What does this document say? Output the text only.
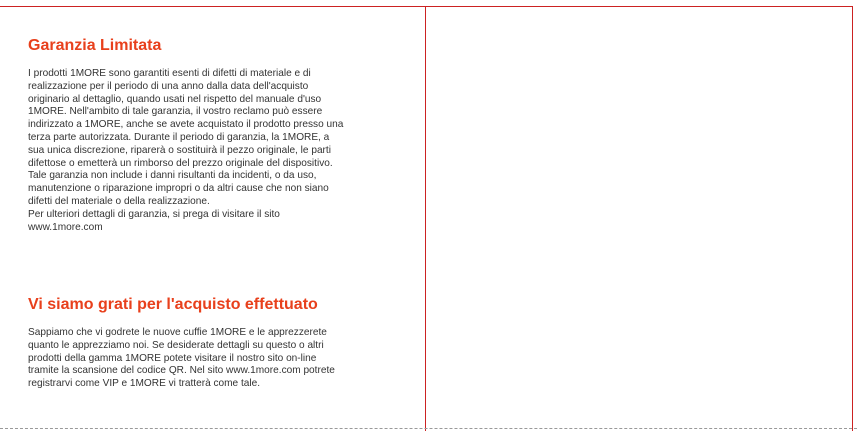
Garanzia Limitata

I prodotti 1MORE sono garantiti esenti di difetti di materiale e di
realizzazione per il periodo di una anno dalla data dell'acquisto
originario al dettaglio, quando usati nel rispetto del manuale d'uso
1MORE. Nell'ambito di tale garanzia, il vostro reclamo può essere
indirizzato a 1MORE, anche se avete acquistato il prodotto presso una
terza parte autorizzata. Durante il periodo di garanzia, la 1MORE, a
sua unica discrezione, riparerà o sostituirà il pezzo originale, le parti
difettose o emetterà un rimborso del prezzo originale del dispositivo.
Tale garanzia non include i danni risultanti da incidenti, o da uso,
manutenzione o riparazione impropri o da altri cause che non siano
difetti del materiale o della realizzazione.
Per ulteriori dettagli di garanzia, si prega di visitare il sito
www.1more.com

Vi siamo grati per l'acquisto effettuato

Sappiamo che vi godrete le nuove cuffie 1MORE e le apprezzerete
quanto le apprezziamo noi. Se desiderate dettagli su questo o altri
prodotti della gamma 1MORE potete visitare il nostro sito on-line
tramite la scansione del codice QR. Nel sito www.1more.com potrete
registrarvi come VIP e 1MORE vi tratterà come tale.
